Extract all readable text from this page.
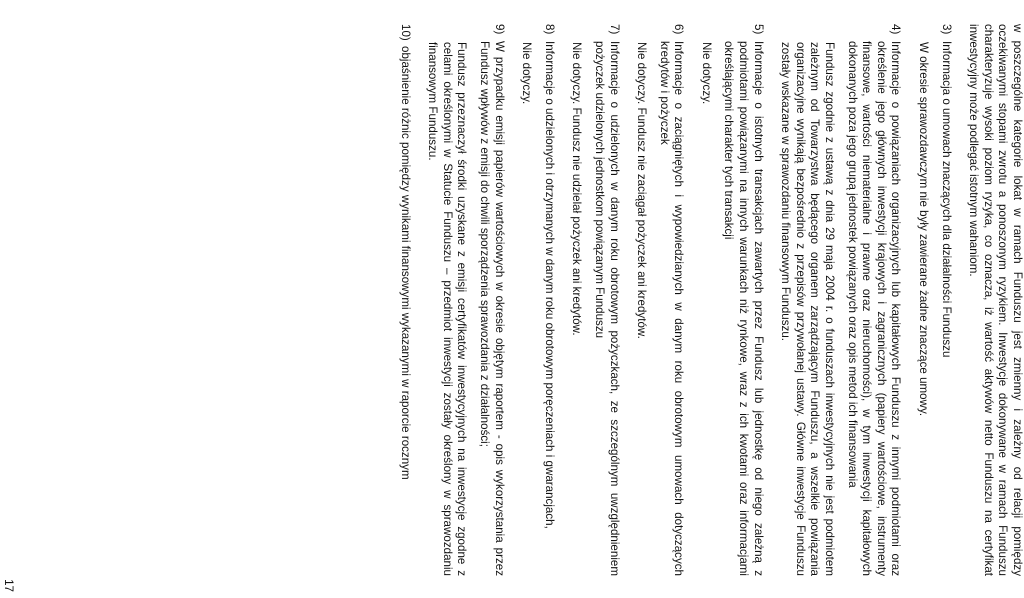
w poszczególne kategorie lokat w ramach Funduszu jest zmienny i zależny od relacji pomiędzy oczekiwanymi stopami zwrotu a ponoszonym ryzykiem. Inwestycje dokonywane w ramach Funduszu charakteryzuje wysoki poziom ryzyka, co oznacza, iż wartość aktywów netto Funduszu na certyfikat inwestycyjny może podlegać istotnym wahaniom.

3)
Informacja o umowach znaczących dla działalności Funduszu

W okresie sprawozdawczym nie były zawierane żadne znaczące umowy.

4)
Informacje o powiązaniach organizacyjnych lub kapitałowych Funduszu z innymi podmiotami oraz określenie jego głównych inwestycji krajowych i zagranicznych (papiery wartościowe, instrumenty finansowe, wartości niematerialne i prawne oraz nieruchomości), w tym inwestycji kapitałowych dokonanych poza jego grupą jednostek powiązanych oraz opis metod ich finansowania

Fundusz zgodnie z ustawą z dnia 29 maja 2004 r. o funduszach inwestycyjnych nie jest podmiotem zależnym od Towarzystwa będącego organem zarządzającym Funduszu, a wszelkie powiązania organizacyjne wynikają bezpośrednio z przepisów przywołanej ustawy. Główne inwestycje Funduszu zostały wskazane w sprawozdaniu finansowym Funduszu.

5)
Informacje o istotnych transakcjach zawartych przez Fundusz lub jednostkę od niego zależną z podmiotami powiązanymi na innych warunkach niż rynkowe, wraz z ich kwotami oraz informacjami określającymi charakter tych transakcji

Nie dotyczy.

6)
Informacje o zaciągniętych i wypowiedzianych w danym roku obrotowym umowach dotyczących kredytów i pożyczek

Nie dotyczy. Fundusz nie zaciągał pożyczek ani kredytów.

7)
Informacje o udzielonych w danym roku obrotowym pożyczkach, ze szczególnym uwzględnieniem pożyczek udzielonych jednostkom powiązanym Funduszu

Nie dotyczy. Fundusz nie udzielał pożyczek ani kredytów.

8)
Informacje o udzielonych i otrzymanych w danym roku obrotowym poręczeniach i gwarancjach,

Nie dotyczy.

9)
W przypadku emisji papierów wartościowych w okresie objętym raportem - opis wykorzystania przez Fundusz wpływów z emisji do chwili sporządzenia sprawozdania z działalności;

Fundusz przeznaczył środki uzyskane z emisji certyfikatów inwestycyjnych na inwestycje zgodne z celami określonymi w Statucie Funduszu – przedmiot inwestycji zostały określony w sprawozdaniu finansowym Funduszu.

10)
objaśnienie różnic pomiędzy wynikami finansowymi wykazanymi w raporcie rocznym
17
